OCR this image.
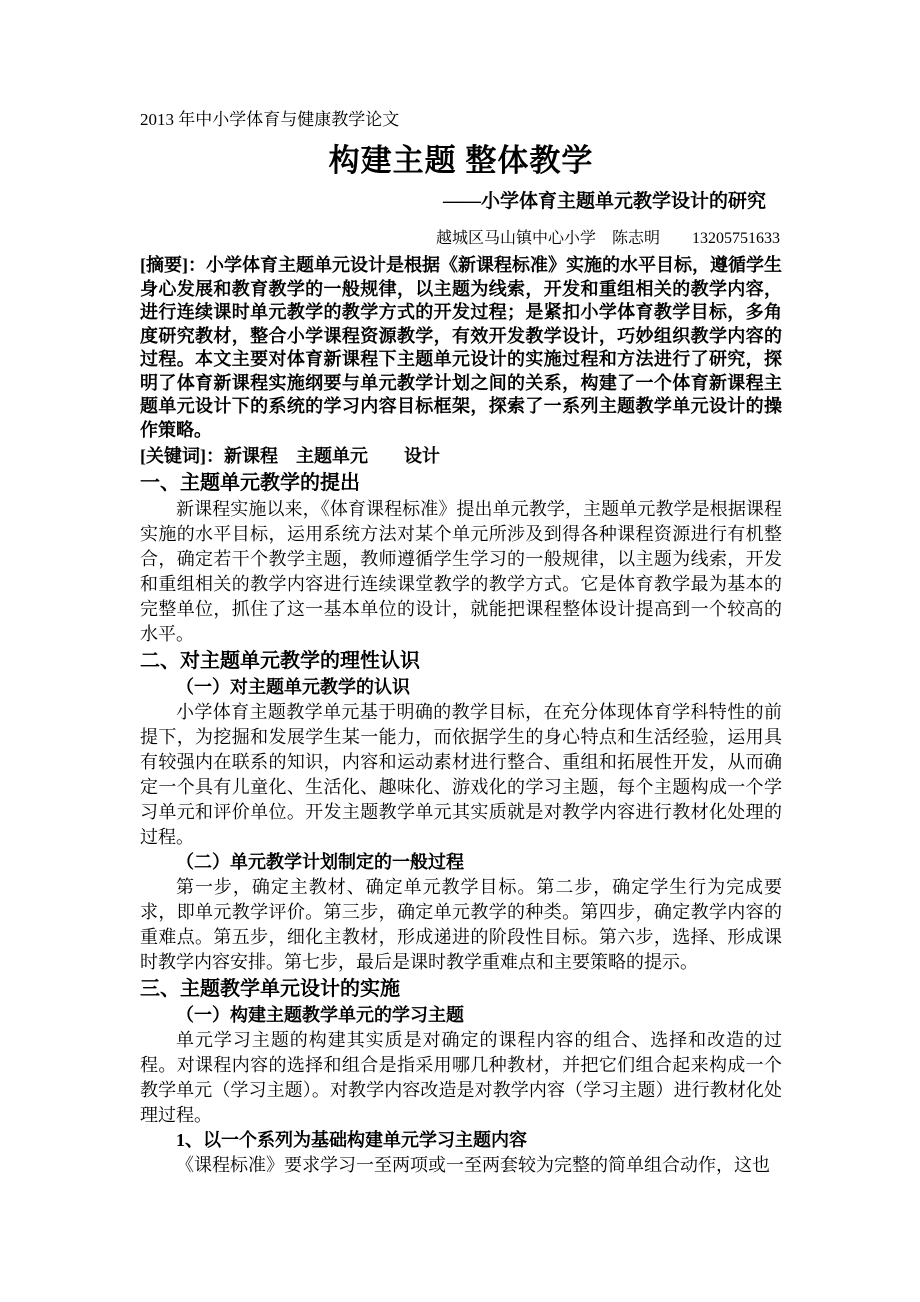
2013 年中小学体育与健康教学论文
构建主题 整体教学
——小学体育主题单元教学设计的研究
越城区马山镇中心小学　陈志明　　13205751633

[摘要]：小学体育主题单元设计是根据《新课程标准》实施的水平目标，遵循学生身心发展和教育教学的一般规律，以主题为线索，开发和重组相关的教学内容，进行连续课时单元教学的教学方式的开发过程；是紧扣小学体育教学目标，多角度研究教材，整合小学课程资源教学，有效开发教学设计，巧妙组织教学内容的过程。本文主要对体育新课程下主题单元设计的实施过程和方法进行了研究，探明了体育新课程实施纲要与单元教学计划之间的关系，构建了一个体育新课程主题单元设计下的系统的学习内容目标框架，探索了一系列主题教学单元设计的操作策略。

[关键词]：新课程　主题单元　　设计

一、主题单元教学的提出

新课程实施以来，《体育课程标准》提出单元教学，主题单元教学是根据课程实施的水平目标，运用系统方法对某个单元所涉及到得各种课程资源进行有机整合，确定若干个教学主题，教师遵循学生学习的一般规律，以主题为线索，开发和重组相关的教学内容进行连续课堂教学的教学方式。它是体育教学最为基本的完整单位，抓住了这一基本单位的设计，就能把课程整体设计提高到一个较高的水平。

二、对主题单元教学的理性认识
（一）对主题单元教学的认识

小学体育主题教学单元基于明确的教学目标，在充分体现体育学科特性的前提下，为挖掘和发展学生某一能力，而依据学生的身心特点和生活经验，运用具有较强内在联系的知识，内容和运动素材进行整合、重组和拓展性开发，从而确定一个具有儿童化、生活化、趣味化、游戏化的学习主题，每个主题构成一个学习单元和评价单位。开发主题教学单元其实质就是对教学内容进行教材化处理的过程。

（二）单元教学计划制定的一般过程

第一步，确定主教材、确定单元教学目标。第二步，确定学生行为完成要求，即单元教学评价。第三步，确定单元教学的种类。第四步，确定教学内容的重难点。第五步，细化主教材，形成递进的阶段性目标。第六步，选择、形成课时教学内容安排。第七步，最后是课时教学重难点和主要策略的提示。

三、主题教学单元设计的实施
（一）构建主题教学单元的学习主题

单元学习主题的构建其实质是对确定的课程内容的组合、选择和改造的过程。对课程内容的选择和组合是指采用哪几种教材，并把它们组合起来构成一个教学单元（学习主题）。对教学内容改造是对教学内容（学习主题）进行教材化处理过程。

1、以一个系列为基础构建单元学习主题内容

《课程标准》要求学习一至两项或一至两套较为完整的简单组合动作，这也
